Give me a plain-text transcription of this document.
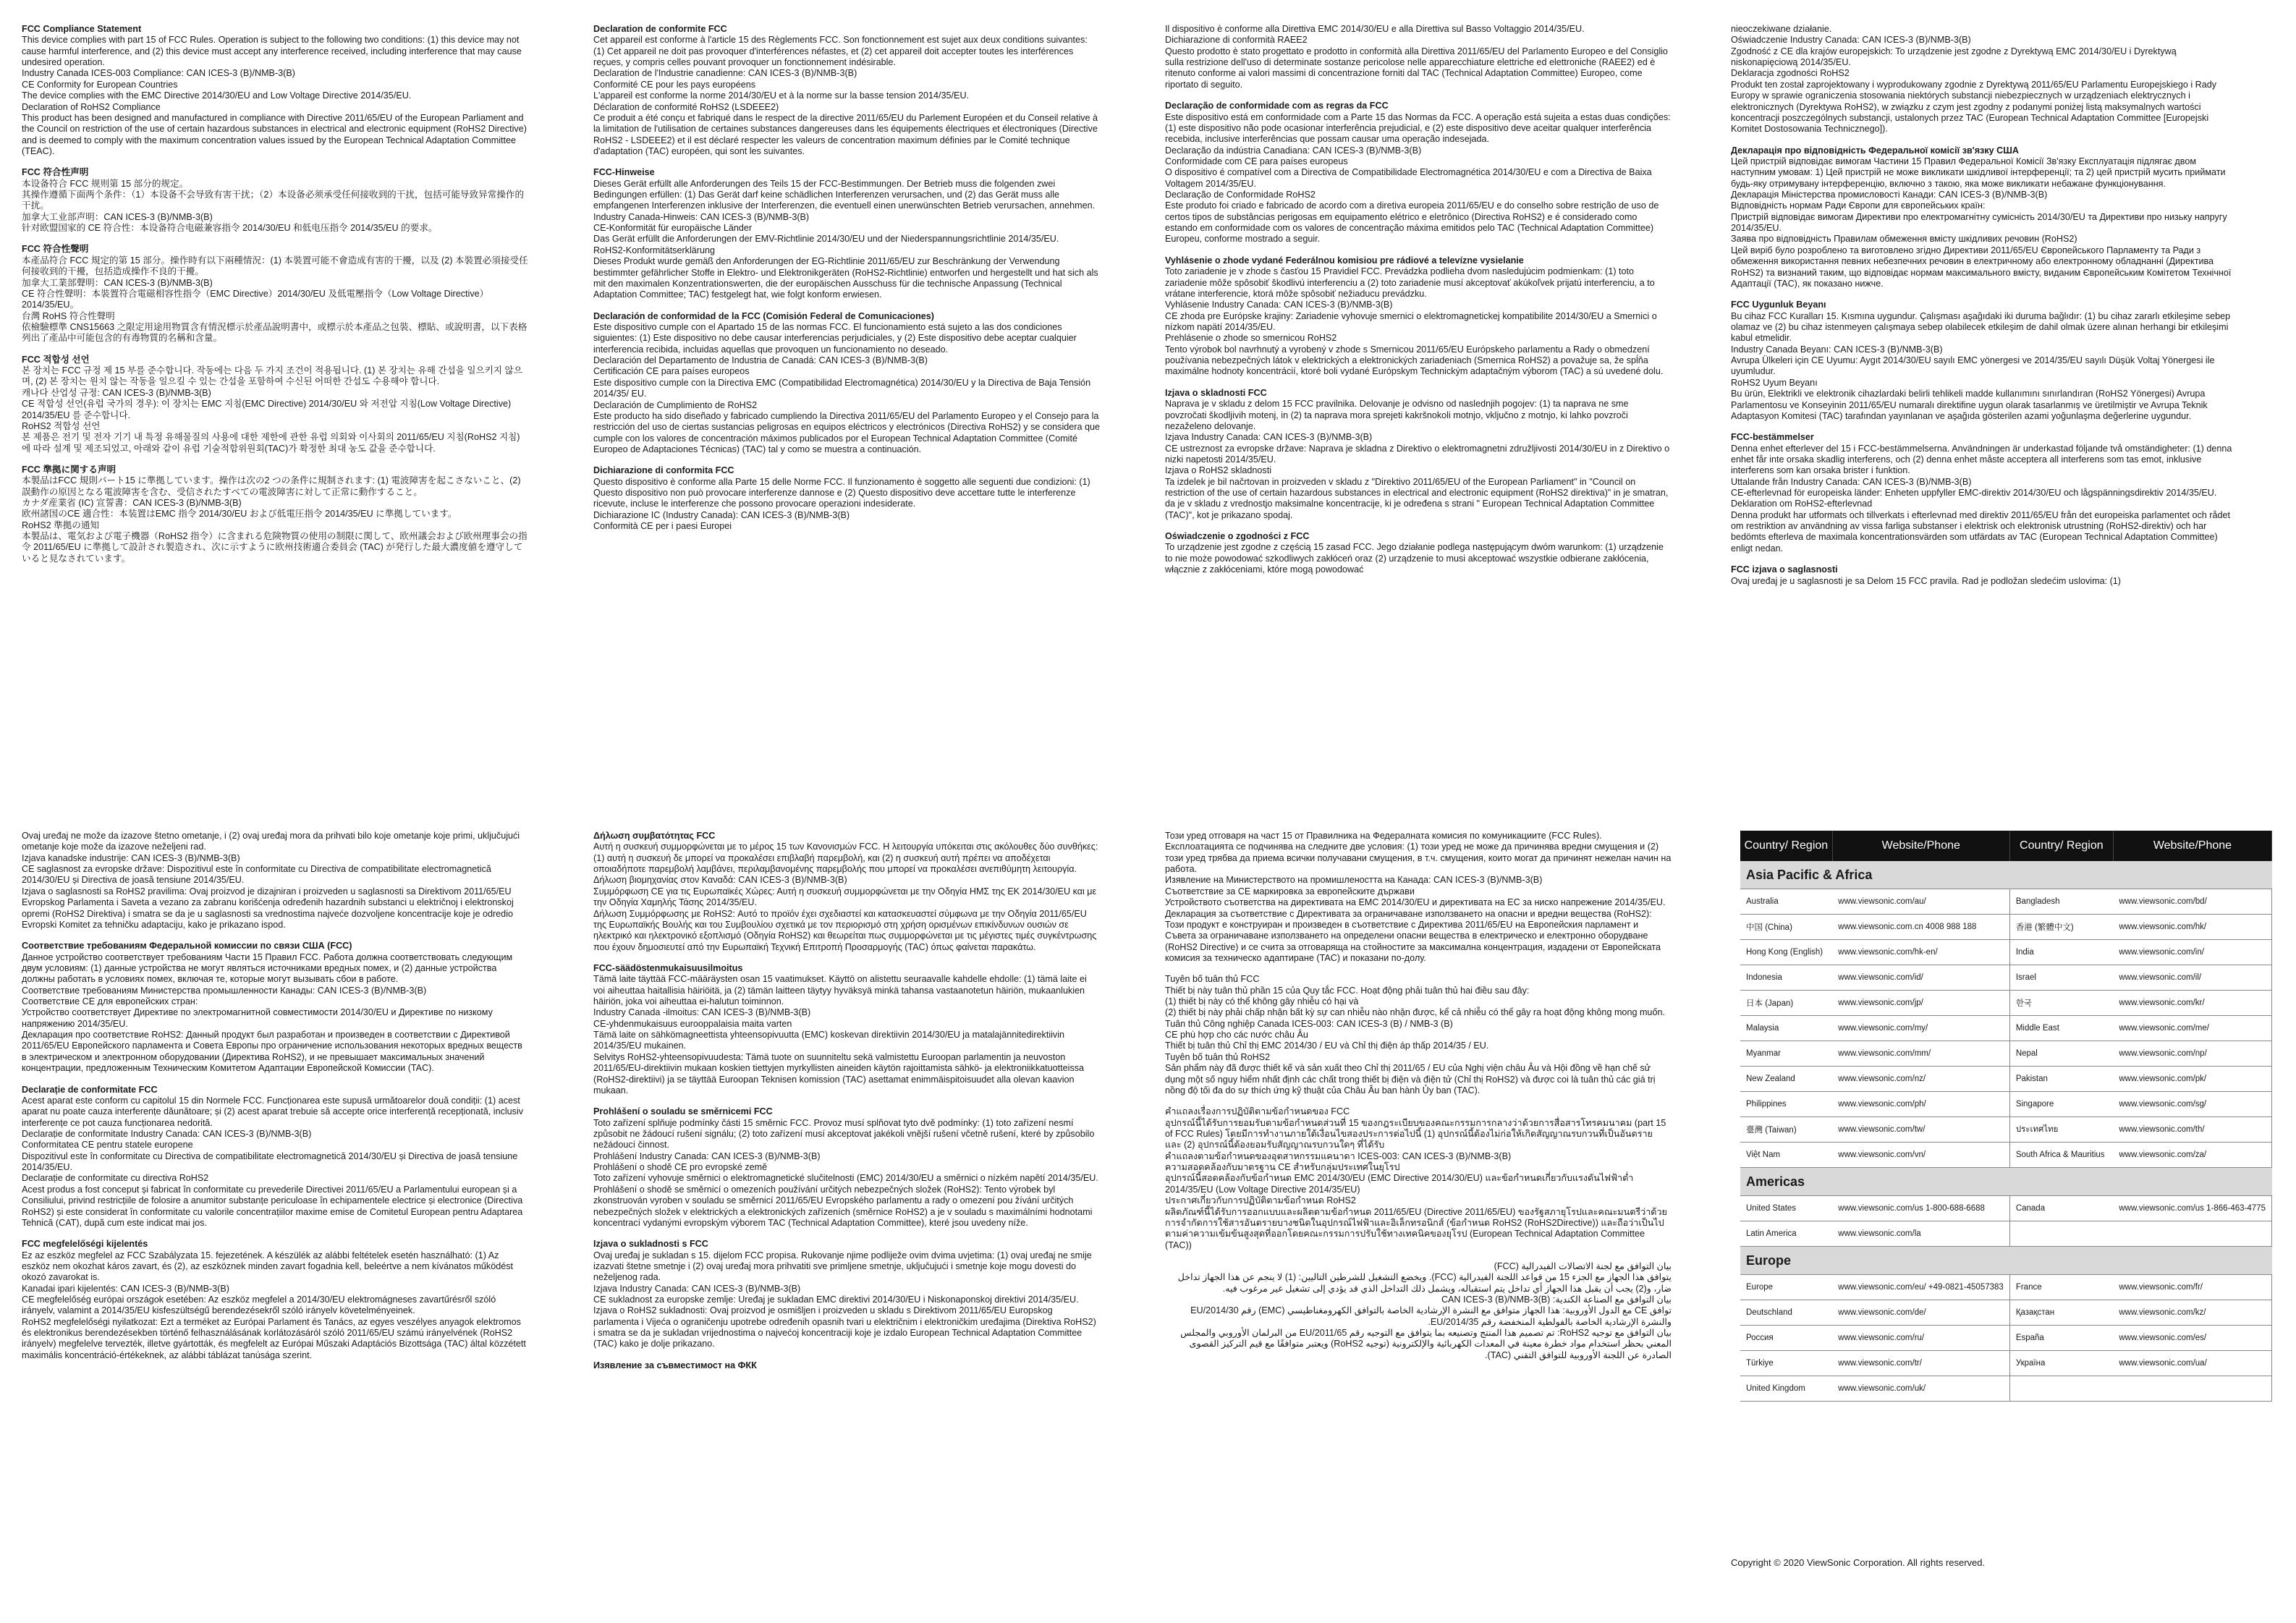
FCC Compliance Statement

This device complies with part 15 of FCC Rules. Operation is subject to the following two conditions: (1) this device may not cause harmful interference, and (2) this device must accept any interference received, including interference that may cause undesired operation.

Industry Canada ICES-003 Compliance: CAN ICES-3 (B)/NMB-3(B)

CE Conformity for European Countries

The device complies with the EMC Directive 2014/30/EU and Low Voltage Directive 2014/35/EU.

Declaration of RoHS2 Compliance

This product has been designed and manufactured in compliance with Directive 2011/65/EU of the European Parliament and the Council on restriction of the use of certain hazardous substances in electrical and electronic equipment (RoHS2 Directive) and is deemed to comply with the maximum concentration values issued by the European Technical Adaptation Committee (TEAC).

FCC 符合性声明

本设备符合 FCC 规则第 15 部分的规定。

其操作遵循下面两个条件：（1）本设备不会导致有害干扰；（2）本设备必须承受任何接收到的干扰，包括可能导致异常操作的干扰。

加拿大工业部声明：CAN ICES-3 (B)/NMB-3(B)

针对欧盟国家的 CE 符合性：本设备符合电磁兼容指令 2014/30/EU 和低电压指令 2014/35/EU 的要求。

FCC 符合性聲明

本產品符合 FCC 規定的第 15 部分。操作時有以下兩種情況：(1) 本裝置可能不會造成有害的干擾，以及 (2) 本裝置必須接受任何接收到的干擾，包括造成操作不良的干擾。

加拿大工業部聲明：CAN ICES-3 (B)/NMB-3(B)

CE 符合性聲明：本裝置符合電磁相容性指令（EMC Directive）2014/30/EU 及低電壓指令（Low Voltage Directive）2014/35/EU。

台灣 RoHS 符合性聲明

依檢驗標準 CNS15663 之限定用途用物質含有情況標示於產品說明書中，或標示於本產品之包裝、標貼、或說明書，以下表格列出了產品中可能包含的有毒物質的名稱和含量。

FCC 적합성 선언

본 장치는 FCC 규정 제 15 부를 준수합니다. 작동에는 다음 두 가지 조건이 적용됩니다. (1) 본 장치는 유해 간섭을 일으키지 않으며, (2) 본 장치는 원치 않는 작동을 일으킬 수 있는 간섭을 포함하여 수신된 어떠한 간섭도 수용해야 합니다.

캐나다 산업성 규정: CAN ICES-3 (B)/NMB-3(B)

CE 적합성 선언(유럽 국가의 경우): 이 장치는 EMC 지침(EMC Directive) 2014/30/EU 와 저전압 지침(Low Voltage Directive) 2014/35/EU 를 준수합니다.

RoHS2 적합성 선언

본 제품은 전기 및 전자 기기 내 특정 유해물질의 사용에 대한 제한에 관한 유럽 의회와 이사회의 2011/65/EU 지침(RoHS2 지침)에 따라 설계 및 제조되었고, 아래와 같이 유럽 기술적합위원회(TAC)가 확정한 최대 농도 값을 준수합니다.

FCC 準拠に関する声明

本製品はFCC 規則パート15 に準拠しています。操作は次の2 つの条件に規制されます: (1) 電波障害を起こさないこと、(2) 誤動作の原因となる電波障害を含む、受信されたすべての電波障害に対して正常に動作すること。

カナダ産業省 (IC) 宣誓書：CAN ICES-3 (B)/NMB-3(B)

欧州諸国のCE 適合性：本装置はEMC 指令 2014/30/EU および低電圧指令 2014/35/EU に準拠しています。

RoHS2 準拠の通知

本製品は、電気および電子機器（RoHS2 指令）に含まれる危険物質の使用の制限に関して、欧州議会および欧州理事会の指令 2011/65/EU に準拠して設計され製造され、次に示すように欧州技術適合委員会 (TAC) が発行した最大濃度値を遵守していると見なされています。

Declaration de conformite FCC

Cet appareil est conforme à l'article 15 des Règlements FCC. Son fonctionnement est sujet aux deux conditions suivantes: (1) Cet appareil ne doit pas provoquer d'interférences néfastes, et (2) cet appareil doit accepter toutes les interférences reçues, y compris celles pouvant provoquer un fonctionnement indésirable.

Declaration de l'Industrie canadienne: CAN ICES-3 (B)/NMB-3(B)

Conformité CE pour les pays européens

L'appareil est conforme la norme 2014/30/EU et à la norme sur la basse tension 2014/35/EU.

Déclaration de conformité RoHS2 (LSDEEE2)

Ce produit a été conçu et fabriqué dans le respect de la directive 2011/65/EU du Parlement Européen et du Conseil relative à la limitation de l'utilisation de certaines substances dangereuses dans les équipements électriques et électroniques (Directive RoHS2 - LSDEEE2) et il est déclaré respecter les valeurs de concentration maximum définies par le Comité technique d'adaptation (TAC) européen, qui sont les suivantes.

FCC-Hinweise

Dieses Gerät erfüllt alle Anforderungen des Teils 15 der FCC-Bestimmungen. Der Betrieb muss die folgenden zwei Bedingungen erfüllen: (1) Das Gerät darf keine schädlichen Interferenzen verursachen, und (2) das Gerät muss alle empfangenen Interferenzen inklusive der Interferenzen, die eventuell einen unerwünschten Betrieb verursachen, annehmen.

Industry Canada-Hinweis: CAN ICES-3 (B)/NMB-3(B)

CE-Konformität für europäische Länder

Das Gerät erfüllt die Anforderungen der EMV-Richtlinie 2014/30/EU und der Niederspannungsrichtlinie 2014/35/EU.

RoHS2-Konformitätserklärung

Dieses Produkt wurde gemäß den Anforderungen der EG-Richtlinie 2011/65/EU zur Beschränkung der Verwendung bestimmter gefährlicher Stoffe in Elektro- und Elektronikgeräten (RoHS2-Richtlinie) entworfen und hergestellt und hat sich als mit den maximalen Konzentrationswerten, die der europäischen Ausschuss für die technische Anpassung (Technical Adaptation Committee; TAC) festgelegt hat, wie folgt konform erwiesen.

Declaración de conformidad de la FCC (Comisión Federal de Comunicaciones)

Este dispositivo cumple con el Apartado 15 de las normas FCC. El funcionamiento está sujeto a las dos condiciones siguientes: (1) Este dispositivo no debe causar interferencias perjudiciales, y (2) Este dispositivo debe aceptar cualquier interferencia recibida, incluidas aquellas que provoquen un funcionamiento no deseado.

Declaración del Departamento de Industria de Canadá: CAN ICES-3 (B)/NMB-3(B)

Certificación CE para países europeos

Este dispositivo cumple con la Directiva EMC (Compatibilidad Electromagnética) 2014/30/EU y la Directiva de Baja Tensión 2014/35/ EU.

Declaración de Cumplimiento de RoHS2

Este producto ha sido diseñado y fabricado cumpliendo la Directiva 2011/65/EU del Parlamento Europeo y el Consejo para la restricción del uso de ciertas sustancias peligrosas en equipos eléctricos y electrónicos (Directiva RoHS2) y se considera que cumple con los valores de concentración máximos publicados por el European Technical Adaptation Committee (Comité Europeo de Adaptaciones Técnicas) (TAC) tal y como se muestra a continuación.

Dichiarazione di conformita FCC

Questo dispositivo è conforme alla Parte 15 delle Norme FCC. Il funzionamento è soggetto alle seguenti due condizioni: (1) Questo dispositivo non può provocare interferenze dannose e (2) Questo dispositivo deve accettare tutte le interferenze ricevute, incluse le interferenze che possono provocare operazioni indesiderate.

Dichiarazione IC (Industry Canada): CAN ICES-3 (B)/NMB-3(B)

Conformità CE per i paesi Europei

Il dispositivo è conforme alla Direttiva EMC 2014/30/EU e alla Direttiva sul Basso Voltaggio 2014/35/EU.

Dichiarazione di conformità RAEE2

Questo prodotto è stato progettato e prodotto in conformità alla Direttiva 2011/65/EU del Parlamento Europeo e del Consiglio sulla restrizione dell'uso di determinate sostanze pericolose nelle apparecchiature elettriche ed elettroniche (RAEE2) ed è ritenuto conforme ai valori massimi di concentrazione forniti dal TAC (Technical Adaptation Committee) Europeo, come riportato di seguito.

Declaração de conformidade com as regras da FCC

Este dispositivo está em conformidade com a Parte 15 das Normas da FCC. A operação está sujeita a estas duas condições: (1) este dispositivo não pode ocasionar interferência prejudicial, e (2) este dispositivo deve aceitar qualquer interferência recebida, inclusive interferências que possam causar uma operação indesejada.

Declaração da indústria Canadiana: CAN ICES-3 (B)/NMB-3(B)

Conformidade com CE para países europeus

O dispositivo é compatível com a Directiva de Compatibilidade Electromagnética 2014/30/EU e com a Directiva de Baixa Voltagem 2014/35/EU.

Declaração de Conformidade RoHS2

Este produto foi criado e fabricado de acordo com a diretiva europeia 2011/65/EU e do conselho sobre restrição de uso de certos tipos de substâncias perigosas em equipamento elétrico e eletrônico (Directiva RoHS2) e é considerado como estando em conformidade com os valores de concentração máxima emitidos pelo TAC (Technical Adaptation Committee) Europeu, conforme mostrado a seguir.

Vyhlásenie o zhode vydané Federálnou komisiou pre rádiové a televízne vysielanie

Toto zariadenie je v zhode s časťou 15 Pravidiel FCC. Prevádzka podlieha dvom nasledujúcim podmienkam: (1) toto zariadenie môže spôsobiť škodlivú interferenciu a (2) toto zariadenie musí akceptovať akúkoľvek prijatú interferenciu, a to vrátane interferencie, ktorá môže spôsobiť nežiaducu prevádzku.

Vyhlásenie Industry Canada: CAN ICES-3 (B)/NMB-3(B)

CE zhoda pre Európske krajiny: Zariadenie vyhovuje smernici o elektromagnetickej kompatibilite 2014/30/EU a Smernici o nízkom napätí 2014/35/EU.

Prehlásenie o zhode so smernicou RoHS2

Tento výrobok bol navrhnutý a vyrobený v zhode s Smernicou 2011/65/EU Európskeho parlamentu a Rady o obmedzení používania nebezpečných látok v elektrických a elektronických zariadeniach (Smernica RoHS2) a považuje sa, že spĺňa maximálne hodnoty koncentrácií, ktoré boli vydané Európskym Technickým adaptačným výborom (TAC) a sú uvedené dolu.

Izjava o skladnosti FCC

Naprava je v skladu z delom 15 FCC pravilnika. Delovanje je odvisno od naslednjih pogojev: (1) ta naprava ne sme povzročati škodljivih motenj, in (2) ta naprava mora sprejeti kakršnokoli motnjo, vključno z motnjo, ki lahko povzroči nezaželeno delovanje.

Izjava Industry Canada: CAN ICES-3 (B)/NMB-3(B)

CE ustreznost za evropske države: Naprava je skladna z Direktivo o elektromagnetni združljivosti 2014/30/EU in z Direktivo o nizki napetosti 2014/35/EU.

Izjava o RoHS2 skladnosti

Ta izdelek je bil načrtovan in proizveden v skladu z "Direktivo 2011/65/EU of the European Parliament" in "Council on restriction of the use of certain hazardous substances in electrical and electronic equipment (RoHS2 direktiva)" in je smatran, da je v skladu z vrednostjo maksimalne koncentracije, ki je određena s strani " European Technical Adaptation Committee (TAC)", kot je prikazano spodaj.

Oświadczenie o zgodności z FCC

To urządzenie jest zgodne z częścią 15 zasad FCC. Jego działanie podlega następującym dwóm warunkom: (1) urządzenie to nie może powodować szkodliwych zakłóceń oraz (2) urządzenie to musi akceptować wszystkie odbierane zakłócenia, włącznie z zakłóceniami, które mogą powodować

nieoczekiwane działanie.

Oświadczenie Industry Canada: CAN ICES-3 (B)/NMB-3(B)

Zgodność z CE dla krajów europejskich: To urządzenie jest zgodne z Dyrektywą EMC 2014/30/EU i Dyrektywą niskonapięciową 2014/35/EU.

Deklaracja zgodności RoHS2

Produkt ten został zaprojektowany i wyprodukowany zgodnie z Dyrektywą 2011/65/EU Parlamentu Europejskiego i Rady Europy w sprawie ograniczenia stosowania niektórych substancji niebezpiecznych w urządzeniach elektrycznych i elektronicznych (Dyrektywa RoHS2), w związku z czym jest zgodny z podanymi poniżej listą maksymalnych wartości koncentracji poszczególnych substancji, ustalonych przez TAC (European Technical Adaptation Committee [Europejski Komitet Dostosowania Technicznego]).

Декларація про відповідність Федеральної комісії зв'язку США

Цей пристрій відповідає вимогам Частини 15 Правил Федеральної Комісії Зв'язку Експлуатація підлягає двом наступним умовам: 1) Цей пристрій не може викликати шкідливої інтерференції; та 2) цей пристрій мусить приймати будь-яку отримувану інтерференцію, включно з такою, яка може викликати небажане функціонування.

Декларація Міністерства промисловості Канади: CAN ICES-3 (B)/NMB-3(B)

Відповідність нормам Ради Європи для європейських країн:

Пристрій відповідає вимогам Директиви про електромагнітну сумісність 2014/30/EU та Директиви про низьку напругу 2014/35/EU.

Заява про відповідність Правилам обмеження вмісту шкідливих речовин (RoHS2)

Цей виріб було розроблено та виготовлено згідно Директиви 2011/65/EU Європейського Парламенту та Ради з обмеження використання певних небезпечних речовин в електричному або електронному обладнанні (Директива RoHS2) та визнаний таким, що відповідає нормам максимального вмісту, виданим Європейським Комітетом Технічної Адаптації (TAC), як показано нижче.

FCC Uygunluk Beyanı

Bu cihaz FCC Kuralları 15. Kısmına uygundur. Çalışması aşağıdaki iki duruma bağlıdır: (1) bu cihaz zararlı etkileşime sebep olamaz ve (2) bu cihaz istenmeyen çalışmaya sebep olabilecek etkileşim de dahil olmak üzere alınan herhangi bir etkileşimi kabul etmelidir.

Industry Canada Beyanı: CAN ICES-3 (B)/NMB-3(B)

Avrupa Ülkeleri için CE Uyumu: Aygıt 2014/30/EU sayılı EMC yönergesi ve 2014/35/EU sayılı Düşük Voltaj Yönergesi ile uyumludur.

RoHS2 Uyum Beyanı

Bu ürün, Elektrikli ve elektronik cihazlardaki belirli tehlikeli madde kullanımını sınırlandıran (RoHS2 Yönergesi) Avrupa Parlamentosu ve Konseyinin 2011/65/EU numaralı direktifine uygun olarak tasarlanmış ve üretilmiştir ve Avrupa Teknik Adaptasyon Komitesi (TAC) tarafından yayınlanan ve aşağıda gösterilen azami yoğunlaşma değerlerine uygundur.

FCC-bestämmelser

Denna enhet efterlever del 15 i FCC-bestämmelserna. Användningen är underkastad följande två omständigheter: (1) denna enhet får inte orsaka skadlig interferens, och (2) denna enhet måste acceptera all interferens som tas emot, inklusive interferens som kan orsaka brister i funktion.

Uttalande från Industry Canada: CAN ICES-3 (B)/NMB-3(B)

CE-efterlevnad för europeiska länder: Enheten uppfyller EMC-direktiv 2014/30/EU och lågspänningsdirektiv 2014/35/EU.

Deklaration om RoHS2-efterlevnad

Denna produkt har utformats och tillverkats i efterlevnad med direktiv 2011/65/EU från det europeiska parlamentet och rådet om restriktion av användning av vissa farliga substanser i elektrisk och elektronisk utrustning (RoHS2-direktiv) och har bedömts efterleva de maximala koncentrationsvärden som utfärdats av TAC (European Technical Adaptation Committee) enligt nedan.

FCC izjava o saglasnosti

Ovaj uređaj je u saglasnosti je sa Delom 15 FCC pravila. Rad je podložan sledećim uslovima: (1)

Ovaj uređaj ne može da izazove štetno ometanje, i (2) ovaj uređaj mora da prihvati bilo koje ometanje koje primi, uključujući ometanje koje može da izazove neželjeni rad.

Izjava kanadske industrije: CAN ICES-3 (B)/NMB-3(B)

CE saglasnost za evropske države: Dispozitivul este în conformitate cu Directiva de compatibilitate electromagnetică 2014/30/EU și Directiva de joasă tensiune 2014/35/EU.

Izjava o saglasnosti sa RoHS2 pravilima: Ovaj proizvod je dizajniran i proizveden u saglasnosti sa Direktivom 2011/65/EU Evropskog Parlamenta i Saveta a vezano za zabranu korišćenja određenih hazardnih substanci u električnoj i elektronskoj opremi (RoHS2 Direktiva) i smatra se da je u saglasnosti sa vrednostima najveće dozvoljene koncentracije koje je odredio Evropski Komitet za tehničku adaptaciju, kako je prikazano ispod.

Соответствие требованиям Федеральной комиссии по связи США (FCC)

Данное устройство соответствует требованиям Части 15 Правил FCC. Работа должна соответствовать следующим двум условиям: (1) данные устройства не могут являться источниками вредных помех, и (2) данные устройства должны работать в условиях помех, включая те, которые могут вызывать сбои в работе.

Соответствие требованиям Министерства промышленности Канады: CAN ICES-3 (B)/NMB-3(B)

Соответствие CE для европейских стран:

Устройство соответствует Директиве по электромагнитной совместимости 2014/30/EU и Директиве по низкому напряжению 2014/35/EU.

Декларация про соответствие RoHS2: Данный продукт был разработан и произведен в соответствии с Директивой 2011/65/EU Европейского парламента и Совета Европы про ограничение использования некоторых вредных веществ в электрическом и электронном оборудовании (Директива RoHS2), и не превышает максимальных значений концентрации, предложенным Техническим Комитетом Адаптации Европейской Комиссии (TAC).

Declarație de conformitate FCC

Acest aparat este conform cu capitolul 15 din Normele FCC. Funcționarea este supusă următoarelor două condiții: (1) acest aparat nu poate cauza interferențe dăunătoare; și (2) acest aparat trebuie să accepte orice interferență recepționată, inclusiv interferențe ce pot cauza funcționarea nedorită.

Declarație de conformitate Industry Canada: CAN ICES-3 (B)/NMB-3(B)

Conformitatea CE pentru statele europene

Dispozitivul este în conformitate cu Directiva de compatibilitate electromagnetică 2014/30/EU și Directiva de joasă tensiune 2014/35/EU.

Declarație de conformitate cu directiva RoHS2

Acest produs a fost conceput și fabricat în conformitate cu prevederile Directivei 2011/65/EU a Parlamentului european și a Consiliului, privind restricțiile de folosire a anumitor substanțe periculoase în echipamentele electrice și electronice (Directiva RoHS2) și este considerat în conformitate cu valorile concentrațiilor maxime emise de Comitetul European pentru Adaptarea Tehnică (CAT), după cum este indicat mai jos.

FCC megfelelőségi kijelentés

Ez az eszköz megfelel az FCC Szabályzata 15. fejezetének. A készülék az alábbi feltételek esetén használható: (1) Az eszköz nem okozhat káros zavart, és (2), az eszköznek minden zavart fogadnia kell, beleértve a nem kívánatos működést okozó zavarokat is.

Kanadai ipari kijelentés: CAN ICES-3 (B)/NMB-3(B)

CE megfelelőség európai országok esetében: Az eszköz megfelel a 2014/30/EU elektromágneses zavartűrésről szóló irányelv, valamint a 2014/35/EU kisfeszültségű berendezésekről szóló irányelv követelményeinek.

RoHS2 megfelelőségi nyilatkozat: Ezt a terméket az Európai Parlament és Tanács, az egyes veszélyes anyagok elektromos és elektronikus berendezésekben történő felhasználásának korlátozásáról szóló 2011/65/EU számú irányelvének (RoHS2 irányelv) megfelelve tervezték, illetve gyártották, és megfelelt az Európai Műszaki Adaptációs Bizottsága (TAC) által közzétett maximális koncentráció-értékeknek, az alábbi táblázat tanúsága szerint.

Δήλωση συμβατότητας FCC

Αυτή η συσκευή συμμορφώνεται με το μέρος 15 των Κανονισμών FCC. Η λειτουργία υπόκειται στις ακόλουθες δύο συνθήκες: (1) αυτή η συσκευή δε μπορεί να προκαλέσει επιβλαβή παρεμβολή, και (2) η συσκευή αυτή πρέπει να αποδέχεται οποιαδήποτε παρεμβολή λαμβάνει, περιλαμβανομένης παρεμβολής που μπορεί να προκαλέσει ανεπιθύμητη λειτουργία.

Δήλωση βιομηχανίας στον Καναδά: CAN ICES-3 (B)/NMB-3(B)

Συμμόρφωση CE για τις Ευρωπαϊκές Χώρες: Αυτή η συσκευή συμμορφώνεται με την Οδηγία ΗΜΣ της ΕΚ 2014/30/EU και με την Οδηγία Χαμηλής Τάσης 2014/35/EU.

Δήλωση Συμμόρφωσης με RoHS2: Αυτό το προϊόν έχει σχεδιαστεί και κατασκευαστεί σύμφωνα με την Οδηγία 2011/65/EU της Ευρωπαϊκής Βουλής και του Συμβουλίου σχετικά με τον περιορισμό στη χρήση ορισμένων επικίνδυνων ουσιών σε ηλεκτρικό και ηλεκτρονικό εξοπλισμό (Οδηγία RoHS2) και θεωρείται πως συμμορφώνεται με τις μέγιστες τιμές συγκέντρωσης που έχουν δημοσιευτεί από την Ευρωπαϊκή Τεχνική Επιτροπή Προσαρμογής (TAC) όπως φαίνεται παρακάτω.

FCC-säädöstenmukaisuusilmoitus

Tämä laite täyttää FCC-määräysten osan 15 vaatimukset. Käyttö on alistettu seuraavalle kahdelle ehdolle: (1) tämä laite ei voi aiheuttaa haitallisia häiriöitä, ja (2) tämän laitteen täytyy hyväksyä minkä tahansa vastaanotetun häiriön, mukaanlukien häiriön, joka voi aiheuttaa ei-halutun toiminnon.

Industry Canada -ilmoitus: CAN ICES-3 (B)/NMB-3(B)

CE-yhdenmukaisuus eurooppalaisia maita varten

Tämä laite on sähkömagneettista yhteensopivuutta (EMC) koskevan direktiivin 2014/30/EU ja matalajännitedirektiivin 2014/35/EU mukainen.

Selvitys RoHS2-yhteensopivuudesta: Tämä tuote on suunniteltu sekä valmistettu Euroopan parlamentin ja neuvoston 2011/65/EU-direktiivin mukaan koskien tiettyjen myrkyllisten aineiden käytön rajoittamista sähkö- ja elektroniikkatuotteissa (RoHS2-direktiivi) ja se täyttää Euroopan Teknisen komission (TAC) asettamat enimmäispitoisuudet alla olevan kaavion mukaan.

Prohlášení o souladu se směrnicemi FCC

Toto zařízení splňuje podmínky části 15 směrnic FCC. Provoz musí splňovat tyto dvě podmínky: (1) toto zařízení nesmí způsobit ne žádoucí rušení signálu; (2) toto zařízení musí akceptovat jakékoli vnější rušení včetně rušení, které by způsobilo nežádoucí činnost.

Prohlášení Industry Canada: CAN ICES-3 (B)/NMB-3(B)

Prohlášení o shodě CE pro evropské země

Toto zařízení vyhovuje směrnici o elektromagnetické slučitelnosti (EMC) 2014/30/EU a směrnici o nízkém napětí 2014/35/EU.

Prohlášení o shodě se směrnicí o omezeních používání určitých nebezpečných složek (RoHS2): Tento výrobek byl zkonstruován vyroben v souladu se směrnicí 2011/65/EU Evropského parlamentu a rady o omezení pou žívání určitých nebezpečných složek v elektrických a elektronických zařízeních (směrnice RoHS2) a je v souladu s maximálními hodnotami koncentrací vydanými evropským výborem TAC (Technical Adaptation Committee), které jsou uvedeny níže.

Izjava o sukladnosti s FCC

Ovaj uređaj je sukladan s 15. dijelom FCC propisa. Rukovanje njime podliježe ovim dvima uvjetima: (1) ovaj uređaj ne smije izazvati štetne smetnje i (2) ovaj uređaj mora prihvatiti sve primljene smetnje, uključujući i smetnje koje mogu dovesti do neželjenog rada.

Izjava Industry Canada: CAN ICES-3 (B)/NMB-3(B)

CE sukladnost za europske zemlje: Uređaj je sukladan EMC direktivi 2014/30/EU i Niskonaponskoj direktivi 2014/35/EU.

Izjava o RoHS2 sukladnosti: Ovaj proizvod je osmišljen i proizveden u skladu s Direktivom 2011/65/EU Europskog parlamenta i Vijeća o ograničenju upotrebe određenih opasnih tvari u električnim i elektroničkim uređajima (Direktiva RoHS2) i smatra se da je sukladan vrijednostima o najvećoj koncentraciji koje je izdalo European Technical Adaptation Committee (TAC) kako je dolje prikazano.

Изявление за съвместимост на ФКК

Този уред отговаря на част 15 от Правилника на Федералната комисия по комуникациите (FCC Rules). Експлоатацията се подчинява на следните две условия: (1) този уред не може да причинява вредни смущения и (2) този уред трябва да приема всички получавани смущения, в т.ч. смущения, които могат да причинят нежелан начин на работа.

Изявление на Министерството на промишлеността на Канада: CAN ICES-3 (B)/NMB-3(B)

Съответствие за СЕ маркировка за европейските държави

Устройството съответства на директивата на ЕМС 2014/30/EU и директивата на ЕС за ниско напрежение 2014/35/EU.

Декларация за съответствие с Директивата за ограничаване използването на опасни и вредни вещества (RoHS2): Този продукт е конструиран и произведен в съответствие с Директива 2011/65/EU на Европейския парламент и Съвета за ограничаване използването на определени опасни вещества в електрическо и електронно оборудване (RoHS2 Directive) и се счита за отговаряща на стойностите за максимална концентрация, издадени от Европейската комисия за техническо адаптиране (TAC) и показани по-долу.

Tuyên bố tuân thủ FCC

Thiết bị này tuân thủ phần 15 của Quy tắc FCC. Hoạt động phải tuân thủ hai điều sau đây:

(1) thiết bị này có thể không gây nhiễu có hại và

(2) thiết bị này phải chấp nhận bất kỳ sự can nhiễu nào nhận được, kể cả nhiễu có thể gây ra hoạt động không mong muốn.

Tuân thủ Công nghiệp Canada ICES-003: CAN ICES-3 (B) / NMB-3 (B)

CE phù hợp cho các nước châu Âu

Thiết bị tuân thủ Chỉ thị EMC 2014/30 / EU và Chỉ thị điện áp thấp 2014/35 / EU.

Tuyên bố tuân thủ RoHS2

Sản phẩm này đã được thiết kế và sản xuất theo Chỉ thị 2011/65 / EU của Nghị viện châu Âu và Hội đồng về hạn chế sử dụng một số nguy hiểm nhất định các chất trong thiết bị điện và điện tử (Chỉ thị RoHS2) và được coi là tuân thủ các giá trị nồng độ tối đa do sự thích ứng kỹ thuật của Châu Âu ban hành Ủy ban (TAC).

คำแถลงเรื่องการปฏิบัติตามข้อกำหนดของ FCC

อุปกรณ์นี้ได้รับการยอมรับตามข้อกำหนดส่วนที่ 15 ของกฎระเบียบของคณะกรรมการกลางว่าด้วยการสื่อสารโทรคมนาคม (part 15 of FCC Rules) โดยมีการทำงานภายใต้เงื่อนไขสองประการต่อไปนี้ (1) อุปกรณ์นี้ต้องไม่ก่อให้เกิดสัญญาณรบกวนที่เป็นอันตราย และ (2) อุปกรณ์นี้ต้องยอมรับสัญญาณรบกวนใดๆ ที่ได้รับ

คำแถลงตามข้อกำหนดของอุตสาหกรรมแคนาดา ICES-003: CAN ICES-3 (B)/NMB-3(B)

ความสอดคล้องกับมาตรฐาน CE สำหรับกลุ่มประเทศในยุโรป

อุปกรณ์นี้สอดคล้องกับข้อกำหนด EMC 2014/30/EU (EMC Directive 2014/30/EU) และข้อกำหนดเกี่ยวกับแรงดันไฟฟ้าต่ำ 2014/35/EU (Low Voltage Directive 2014/35/EU)

ประกาศเกี่ยวกับการปฏิบัติตามข้อกำหนด RoHS2

ผลิตภัณฑ์นี้ได้รับการออกแบบและผลิตตามข้อกำหนด 2011/65/EU (Directive 2011/65/EU) ของรัฐสภายุโรปและคณะมนตรีว่าด้วยการจำกัดการใช้สารอันตรายบางชนิดในอุปกรณ์ไฟฟ้าและอิเล็กทรอนิกส์ (ข้อกำหนด RoHS2 (RoHS2Directive)) และถือว่าเป็นไปตามค่าความเข้มข้นสูงสุดที่ออกโดยคณะกรรมการปรับใช้ทางเทคนิคของยุโรป (European Technical Adaptation Committee (TAC))

بيان التوافق مع لجنة الاتصالات الفيدرالية (FCC)

يتوافق هذا الجهاز مع الجزء 15 من قواعد اللجنة الفيدرالية (FCC). ويخضع التشغيل للشرطين التاليين: (1) لا ينجم عن هذا الجهاز تداخل ضار، و(2) يجب أن يقبل هذا الجهاز أي تداخل يتم استقباله، ويشمل ذلك التداخل الذي قد يؤدي إلى تشغيل غير مرغوب فيه.

بيان التوافق مع الصناعة الكندية: CAN ICES-3 (B)/NMB-3(B)

توافق CE مع الدول الأوروبية: هذا الجهاز متوافق مع النشرة الإرشادية الخاصة بالتوافق الكهرومغناطيسي (EMC) رقم 2014/30/EU والنشرة الإرشادية الخاصة بالفولطية المنخفضة رقم 2014/35/EU.

بيان التوافق مع توجيه RoHS2: تم تصميم هذا المنتج وتصنيعه بما يتوافق مع التوجيه رقم EU/2011/65 من البرلمان الأوروبي والمجلس المعني بحظر استخدام مواد خطرة معينة في المعدات الكهربائية والإلكترونية (توجيه RoHS2) ويعتبر متوافقًا مع قيم التركيز القصوى الصادرة عن اللجنة الأوروبية للتوافق التقني (TAC).

Country/ Region	Website/Phone	Country/ Region	Website/Phone
Asia Pacific & Africa			
Australia	www.viewsonic.com/au/	Bangladesh	www.viewsonic.com/bd/
中国 (China)	www.viewsonic.com.cn 4008 988 188	香港 (繁體中文)	www.viewsonic.com/hk/
Hong Kong (English)	www.viewsonic.com/hk-en/	India	www.viewsonic.com/in/
Indonesia	www.viewsonic.com/id/	Israel	www.viewsonic.com/il/
日本 (Japan)	www.viewsonic.com/jp/	한국	www.viewsonic.com/kr/
Malaysia	www.viewsonic.com/my/	Middle East	www.viewsonic.com/me/
Myanmar	www.viewsonic.com/mm/	Nepal	www.viewsonic.com/np/
New Zealand	www.viewsonic.com/nz/	Pakistan	www.viewsonic.com/pk/
Philippines	www.viewsonic.com/ph/	Singapore	www.viewsonic.com/sg/
臺灣 (Taiwan)	www.viewsonic.com/tw/	ประเทศไทย	www.viewsonic.com/th/
Việt Nam	www.viewsonic.com/vn/	South Africa & Mauritius	www.viewsonic.com/za/
Americas			
United States	www.viewsonic.com/us 1-800-688-6688	Canada	www.viewsonic.com/us 1-866-463-4775
Latin America	www.viewsonic.com/la		
Europe			
Europe	www.viewsonic.com/eu/ +49-0821-45057383	France	www.viewsonic.com/fr/
Deutschland	www.viewsonic.com/de/	Қазақстан	www.viewsonic.com/kz/
Россия	www.viewsonic.com/ru/	España	www.viewsonic.com/es/
Türkiye	www.viewsonic.com/tr/	Україна	www.viewsonic.com/ua/
United Kingdom	www.viewsonic.com/uk/		
Copyright © 2020 ViewSonic Corporation. All rights reserved.
